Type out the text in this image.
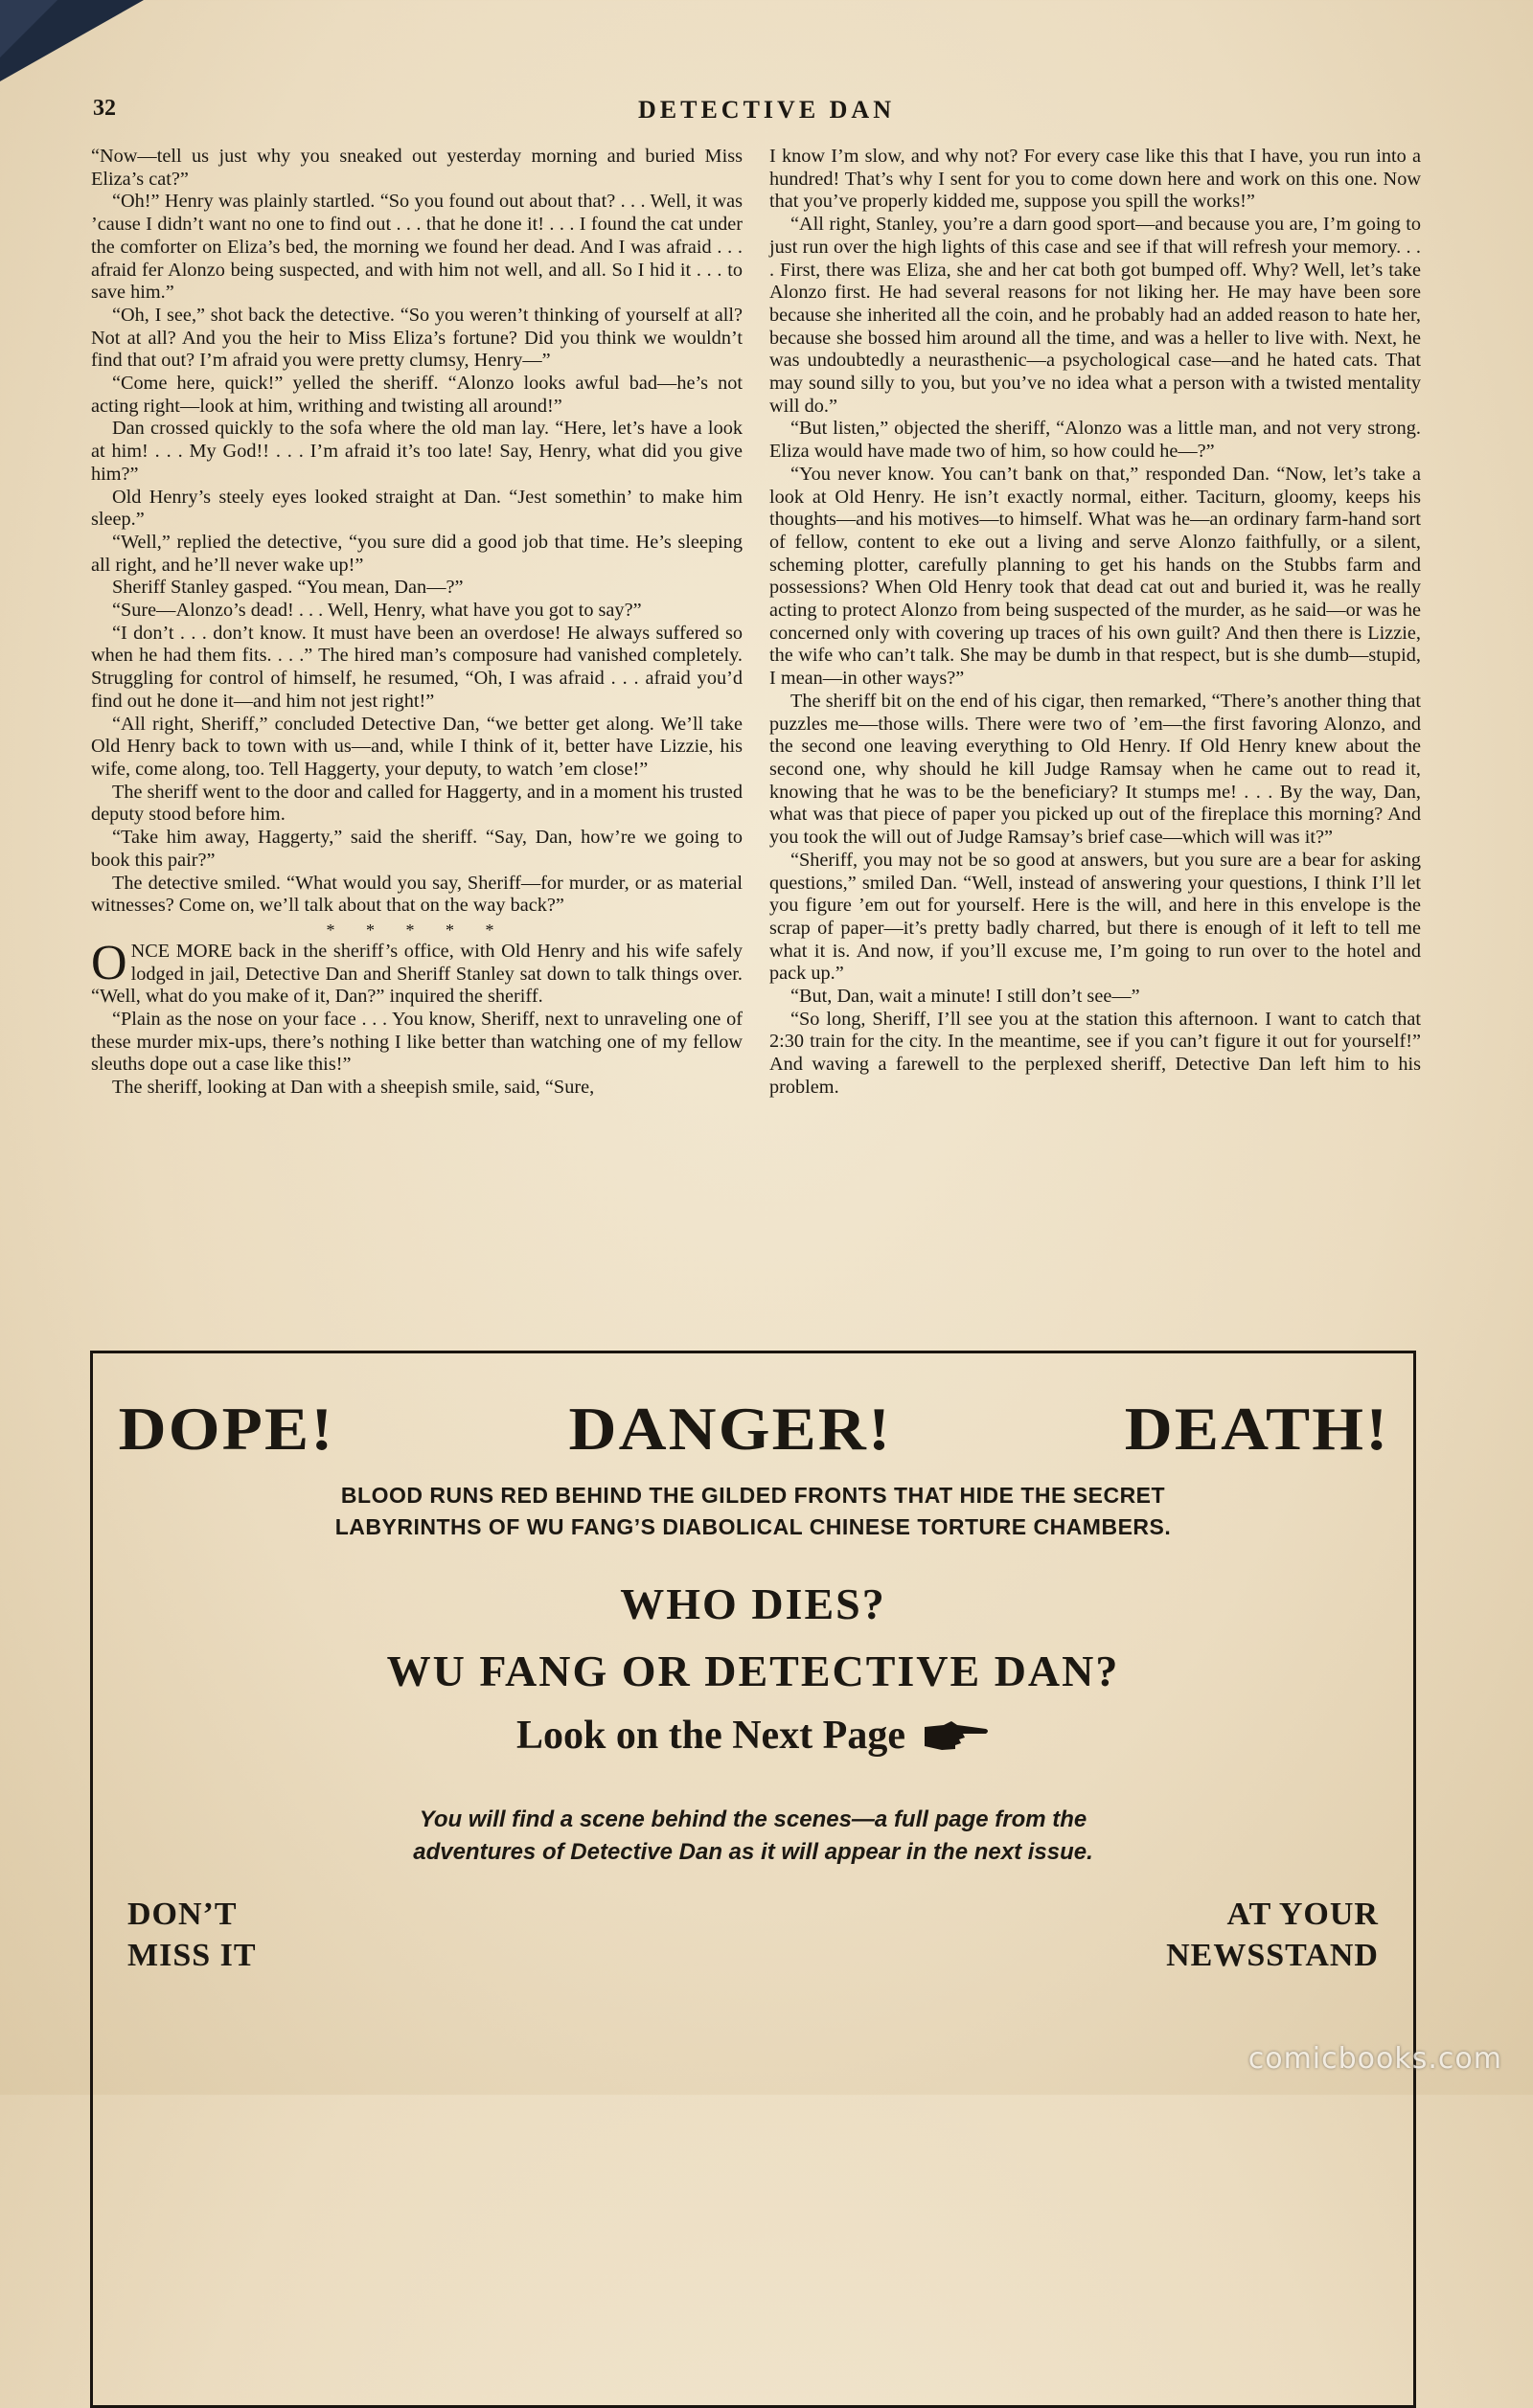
32	DETECTIVE DAN

“Now—tell us just why you sneaked out yesterday morning and buried Miss Eliza’s cat?”

“Oh!” Henry was plainly startled. “So you found out about that? . . . Well, it was ’cause I didn’t want no one to find out . . . that he done it! . . . I found the cat under the comforter on Eliza’s bed, the morning we found her dead. And I was afraid . . . afraid fer Alonzo being suspected, and with him not well, and all. So I hid it . . . to save him.”

“Oh, I see,” shot back the detective. “So you weren’t thinking of yourself at all? Not at all? And you the heir to Miss Eliza’s fortune? Did you think we wouldn’t find that out? I’m afraid you were pretty clumsy, Henry—”

“Come here, quick!” yelled the sheriff. “Alonzo looks awful bad—he’s not acting right—look at him, writhing and twisting all around!”

Dan crossed quickly to the sofa where the old man lay. “Here, let’s have a look at him! . . . My God!! . . . I’m afraid it’s too late! Say, Henry, what did you give him?”

Old Henry’s steely eyes looked straight at Dan. “Jest somethin’ to make him sleep.”

“Well,” replied the detective, “you sure did a good job that time. He’s sleeping all right, and he’ll never wake up!”

Sheriff Stanley gasped. “You mean, Dan—?”

“Sure—Alonzo’s dead! . . . Well, Henry, what have you got to say?”

“I don’t . . . don’t know. It must have been an overdose! He always suffered so when he had them fits. . . .” The hired man’s composure had vanished completely. Struggling for control of himself, he resumed, “Oh, I was afraid . . . afraid you’d find out he done it—and him not jest right!”

“All right, Sheriff,” concluded Detective Dan, “we better get along. We’ll take Old Henry back to town with us—and, while I think of it, better have Lizzie, his wife, come along, too. Tell Haggerty, your deputy, to watch ’em close!”

The sheriff went to the door and called for Haggerty, and in a moment his trusted deputy stood before him.

“Take him away, Haggerty,” said the sheriff. “Say, Dan, how’re we going to book this pair?”

The detective smiled. “What would you say, Sheriff—for murder, or as material witnesses? Come on, we’ll talk about that on the way back?”

* * * * *

ONCE MORE back in the sheriff’s office, with Old Henry and his wife safely lodged in jail, Detective Dan and Sheriff Stanley sat down to talk things over. “Well, what do you make of it, Dan?” inquired the sheriff.

“Plain as the nose on your face . . . You know, Sheriff, next to unraveling one of these murder mix-ups, there’s nothing I like better than watching one of my fellow sleuths dope out a case like this!”

The sheriff, looking at Dan with a sheepish smile, said, “Sure,

I know I’m slow, and why not? For every case like this that I have, you run into a hundred! That’s why I sent for you to come down here and work on this one. Now that you’ve properly kidded me, suppose you spill the works!”

“All right, Stanley, you’re a darn good sport—and because you are, I’m going to just run over the high lights of this case and see if that will refresh your memory. . . . First, there was Eliza, she and her cat both got bumped off. Why? Well, let’s take Alonzo first. He had several reasons for not liking her. He may have been sore because she inherited all the coin, and he probably had an added reason to hate her, because she bossed him around all the time, and was a heller to live with. Next, he was undoubtedly a neurasthenic—a psychological case—and he hated cats. That may sound silly to you, but you’ve no idea what a person with a twisted mentality will do.”

“But listen,” objected the sheriff, “Alonzo was a little man, and not very strong. Eliza would have made two of him, so how could he—?”

“You never know. You can’t bank on that,” responded Dan. “Now, let’s take a look at Old Henry. He isn’t exactly normal, either. Taciturn, gloomy, keeps his thoughts—and his motives—to himself. What was he—an ordinary farm-hand sort of fellow, content to eke out a living and serve Alonzo faithfully, or a silent, scheming plotter, carefully planning to get his hands on the Stubbs farm and possessions? When Old Henry took that dead cat out and buried it, was he really acting to protect Alonzo from being suspected of the murder, as he said—or was he concerned only with covering up traces of his own guilt? And then there is Lizzie, the wife who can’t talk. She may be dumb in that respect, but is she dumb—stupid, I mean—in other ways?”

The sheriff bit on the end of his cigar, then remarked, “There’s another thing that puzzles me—those wills. There were two of ’em—the first favoring Alonzo, and the second one leaving everything to Old Henry. If Old Henry knew about the second one, why should he kill Judge Ramsay when he came out to read it, knowing that he was to be the beneficiary? It stumps me! . . . By the way, Dan, what was that piece of paper you picked up out of the fireplace this morning? And you took the will out of Judge Ramsay’s brief case—which will was it?”

“Sheriff, you may not be so good at answers, but you sure are a bear for asking questions,” smiled Dan. “Well, instead of answering your questions, I think I’ll let you figure ’em out for yourself. Here is the will, and here in this envelope is the scrap of paper—it’s pretty badly charred, but there is enough of it left to tell me what it is. And now, if you’ll excuse me, I’m going to run over to the hotel and pack up.”

“But, Dan, wait a minute! I still don’t see—”

“So long, Sheriff, I’ll see you at the station this afternoon. I want to catch that 2:30 train for the city. In the meantime, see if you can’t figure it out for yourself!” And waving a farewell to the perplexed sheriff, Detective Dan left him to his problem.

DOPE!	DANGER!	DEATH!
BLOOD RUNS RED BEHIND THE GILDED FRONTS THAT HIDE THE SECRET
LABYRINTHS OF WU FANG’S DIABOLICAL CHINESE TORTURE CHAMBERS.
WHO DIES?
WU FANG OR DETECTIVE DAN?
Look on the Next Page
You will find a scene behind the scenes—a full page from the
adventures of Detective Dan as it will appear in the next issue.
DON’T
MISS IT
AT YOUR
NEWSSTAND
comicbooks.com
